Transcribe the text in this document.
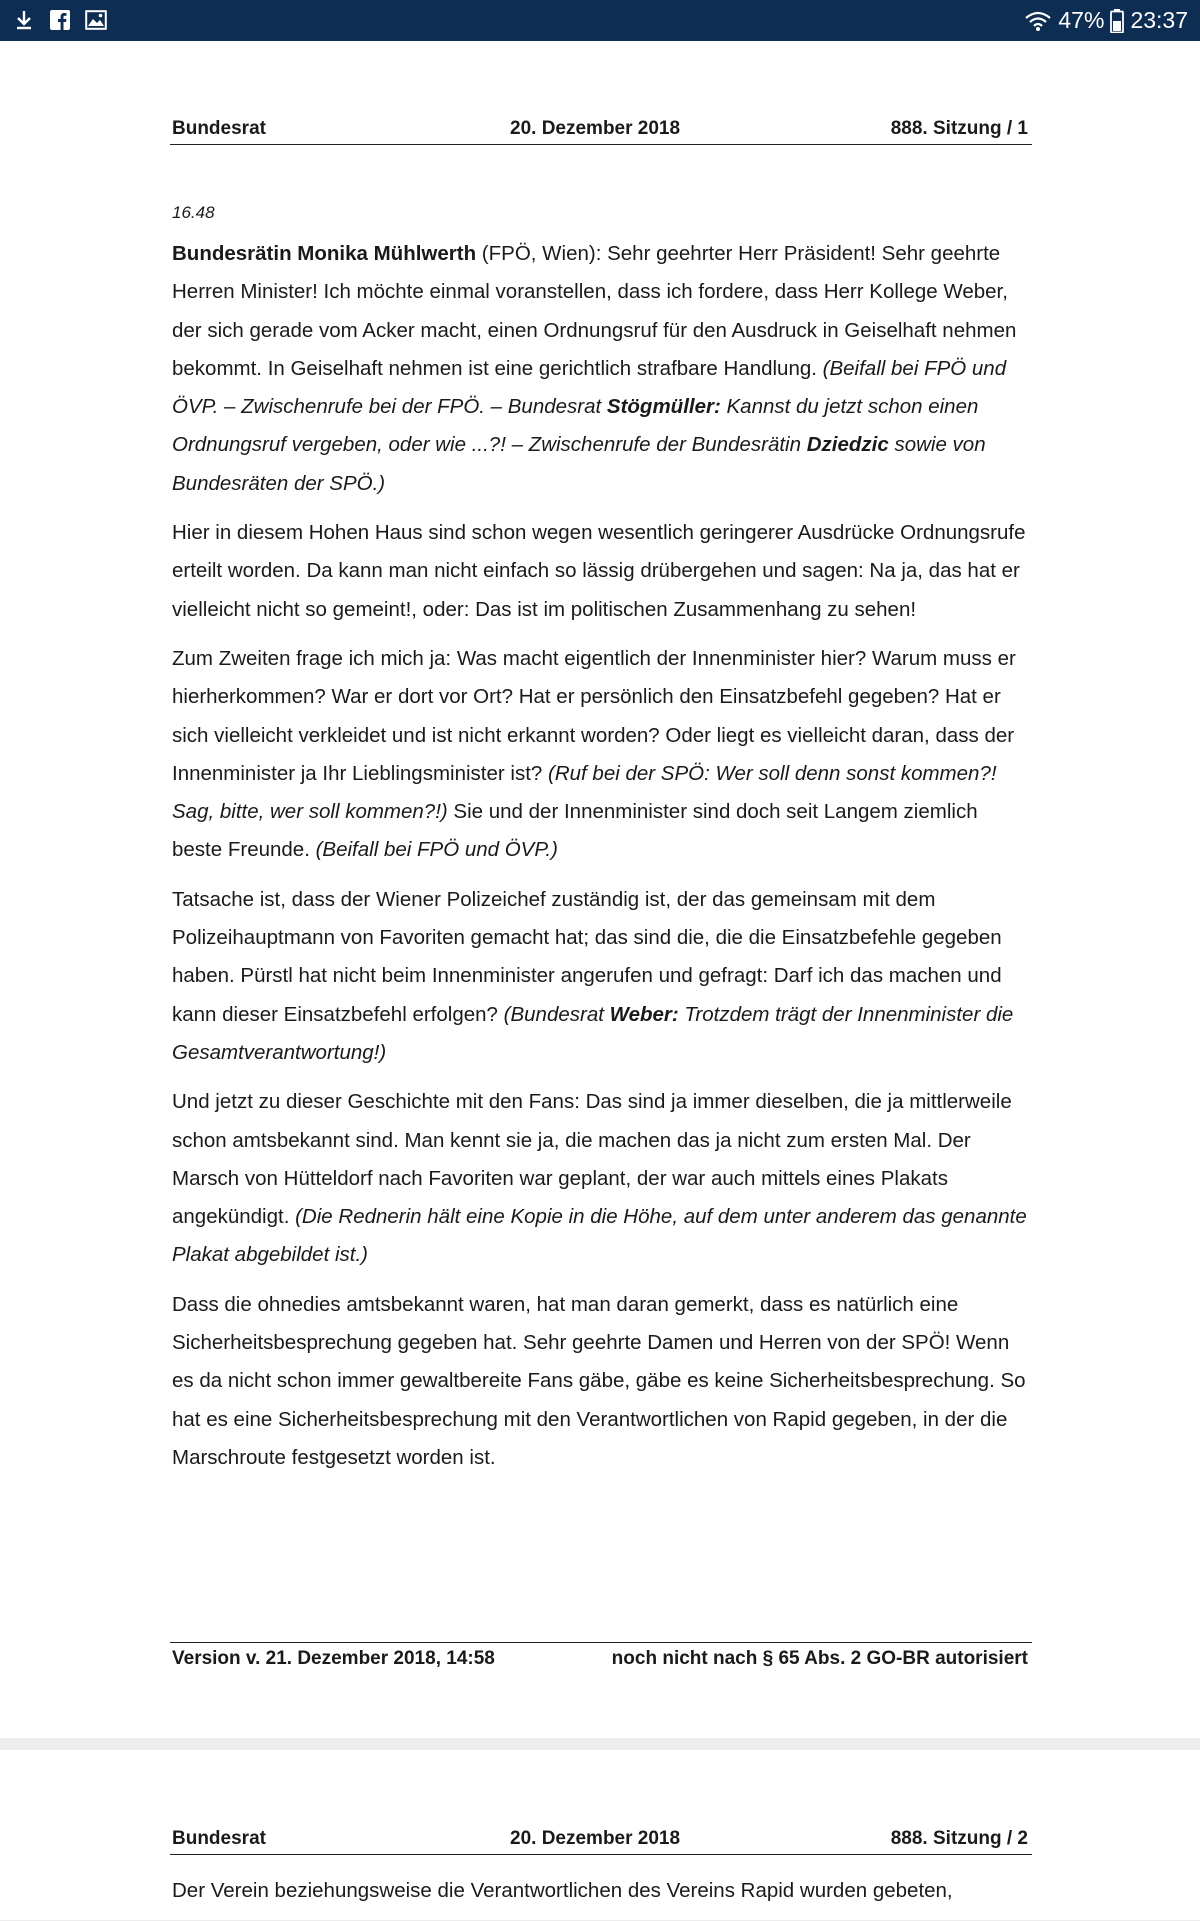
47% 23:37
Bundesrat	20. Dezember 2018	888. Sitzung / 1
16.48

Bundesrätin Monika Mühlwerth (FPÖ, Wien): Sehr geehrter Herr Präsident! Sehr geehrte Herren Minister! Ich möchte einmal voranstellen, dass ich fordere, dass Herr Kollege Weber, der sich gerade vom Acker macht, einen Ordnungsruf für den Ausdruck in Geiselhaft nehmen bekommt. In Geiselhaft nehmen ist eine gerichtlich strafbare Handlung. (Beifall bei FPÖ und ÖVP. – Zwischenrufe bei der FPÖ. – Bundesrat Stögmüller: Kannst du jetzt schon einen Ordnungsruf vergeben, oder wie ...?! – Zwischenrufe der Bundesrätin Dziedzic sowie von Bundesräten der SPÖ.)

Hier in diesem Hohen Haus sind schon wegen wesentlich geringerer Ausdrücke Ordnungsrufe erteilt worden. Da kann man nicht einfach so lässig drübergehen und sagen: Na ja, das hat er vielleicht nicht so gemeint!, oder: Das ist im politischen Zusammenhang zu sehen!

Zum Zweiten frage ich mich ja: Was macht eigentlich der Innenminister hier? Warum muss er hierherkommen? War er dort vor Ort? Hat er persönlich den Einsatzbefehl gegeben? Hat er sich vielleicht verkleidet und ist nicht erkannt worden? Oder liegt es vielleicht daran, dass der Innenminister ja Ihr Lieblingsminister ist? (Ruf bei der SPÖ: Wer soll denn sonst kommen?! Sag, bitte, wer soll kommen?!) Sie und der Innenminister sind doch seit Langem ziemlich beste Freunde. (Beifall bei FPÖ und ÖVP.)

Tatsache ist, dass der Wiener Polizeichef zuständig ist, der das gemeinsam mit dem Polizeihauptmann von Favoriten gemacht hat; das sind die, die die Einsatzbefehle gegeben haben. Pürstl hat nicht beim Innenminister angerufen und gefragt: Darf ich das machen und kann dieser Einsatzbefehl erfolgen? (Bundesrat Weber: Trotzdem trägt der Innenminister die Gesamtverantwortung!)

Und jetzt zu dieser Geschichte mit den Fans: Das sind ja immer dieselben, die ja mittlerweile schon amtsbekannt sind. Man kennt sie ja, die machen das ja nicht zum ersten Mal. Der Marsch von Hütteldorf nach Favoriten war geplant, der war auch mittels eines Plakats angekündigt. (Die Rednerin hält eine Kopie in die Höhe, auf dem unter anderem das genannte Plakat abgebildet ist.)

Dass die ohnedies amtsbekannt waren, hat man daran gemerkt, dass es natürlich eine Sicherheitsbesprechung gegeben hat. Sehr geehrte Damen und Herren von der SPÖ! Wenn es da nicht schon immer gewaltbereite Fans gäbe, gäbe es keine Sicherheitsbesprechung. So hat es eine Sicherheitsbesprechung mit den Verantwortlichen von Rapid gegeben, in der die Marschroute festgesetzt worden ist.

Version v. 21. Dezember 2018, 14:58	noch nicht nach § 65 Abs. 2 GO-BR autorisiert
Bundesrat	20. Dezember 2018	888. Sitzung / 2

Der Verein beziehungsweise die Verantwortlichen des Vereins Rapid wurden gebeten,
